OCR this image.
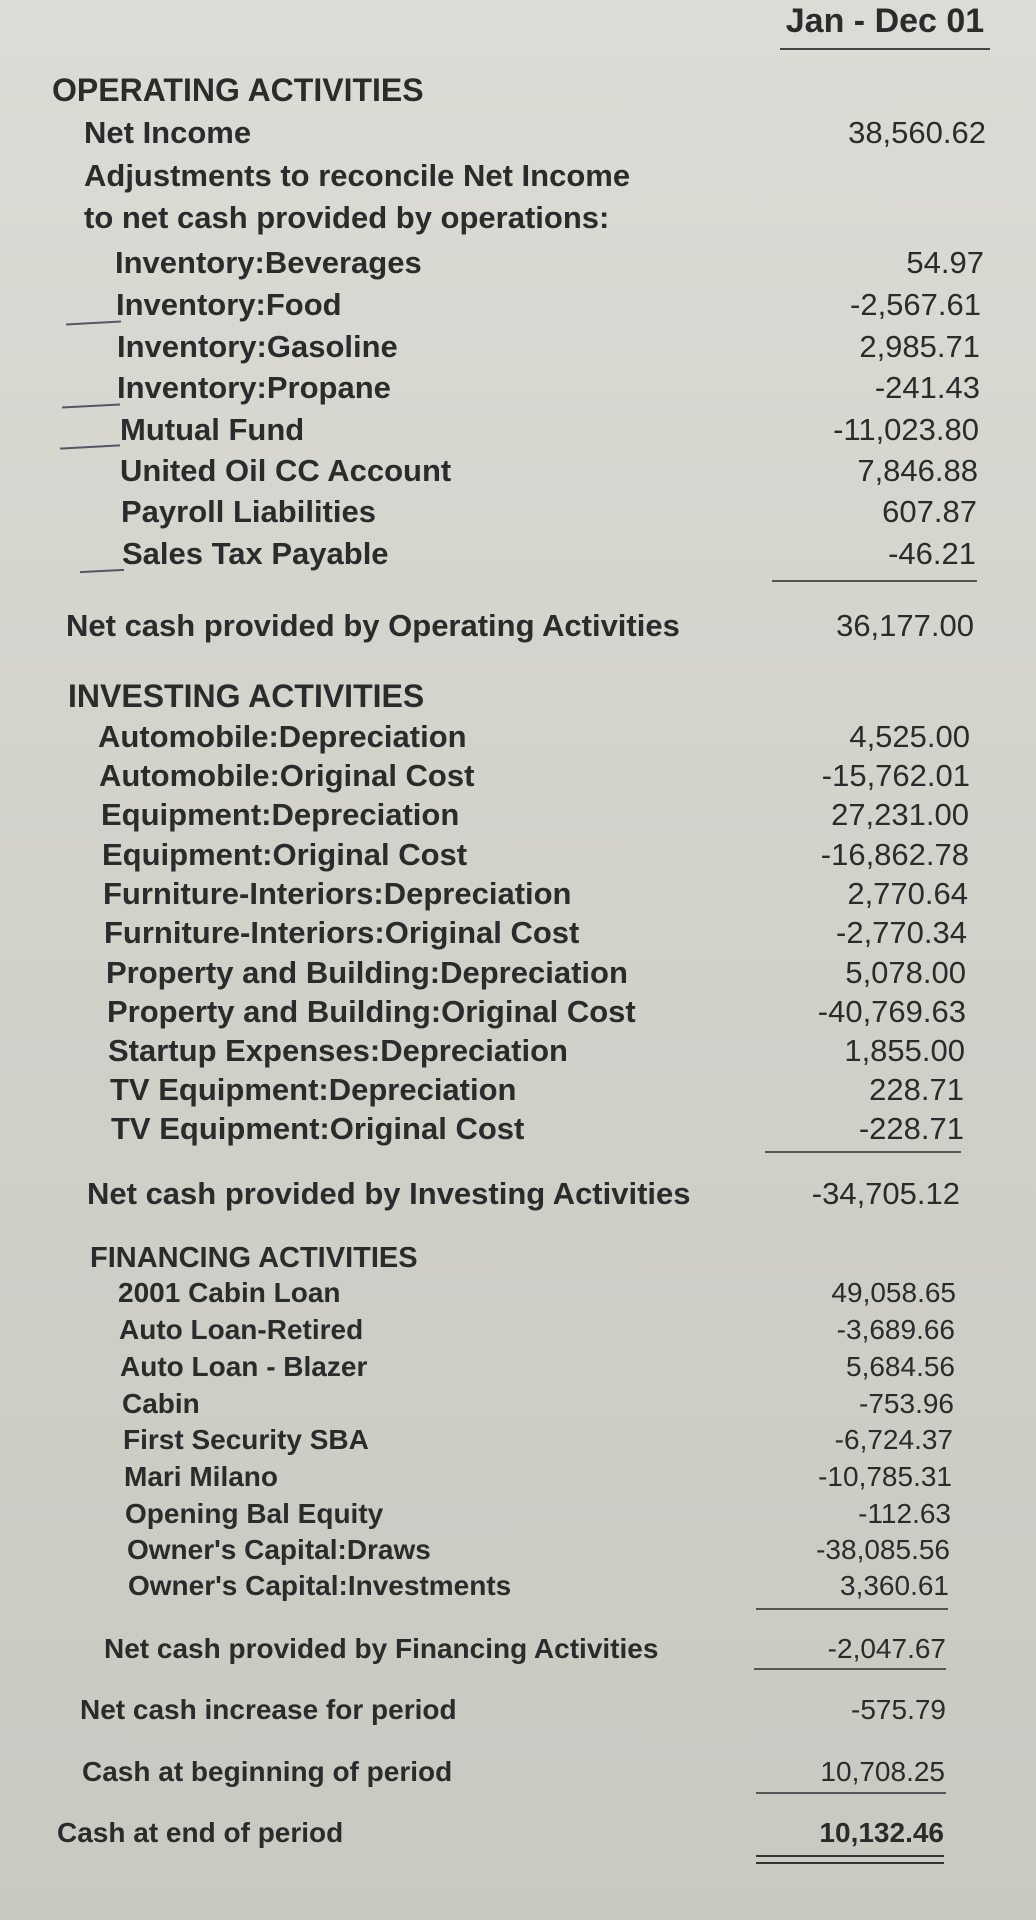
Jan - Dec 01
OPERATING ACTIVITIES
Net Income	38,560.62
Adjustments to reconcile Net Income
to net cash provided by operations:
Inventory:Beverages	54.97
Inventory:Food	-2,567.61
Inventory:Gasoline	2,985.71
Inventory:Propane	-241.43
Mutual Fund	-11,023.80
United Oil CC Account	7,846.88
Payroll Liabilities	607.87
Sales Tax Payable	-46.21
Net cash provided by Operating Activities	36,177.00
INVESTING ACTIVITIES
Automobile:Depreciation	4,525.00
Automobile:Original Cost	-15,762.01
Equipment:Depreciation	27,231.00
Equipment:Original Cost	-16,862.78
Furniture-Interiors:Depreciation	2,770.64
Furniture-Interiors:Original Cost	-2,770.34
Property and Building:Depreciation	5,078.00
Property and Building:Original Cost	-40,769.63
Startup Expenses:Depreciation	1,855.00
TV Equipment:Depreciation	228.71
TV Equipment:Original Cost	-228.71
Net cash provided by Investing Activities	-34,705.12
FINANCING ACTIVITIES
2001 Cabin Loan	49,058.65
Auto Loan-Retired	-3,689.66
Auto Loan - Blazer	5,684.56
Cabin	-753.96
First Security SBA	-6,724.37
Mari Milano	-10,785.31
Opening Bal Equity	-112.63
Owner's Capital:Draws	-38,085.56
Owner's Capital:Investments	3,360.61
Net cash provided by Financing Activities	-2,047.67
Net cash increase for period	-575.79
Cash at beginning of period	10,708.25
Cash at end of period	10,132.46
